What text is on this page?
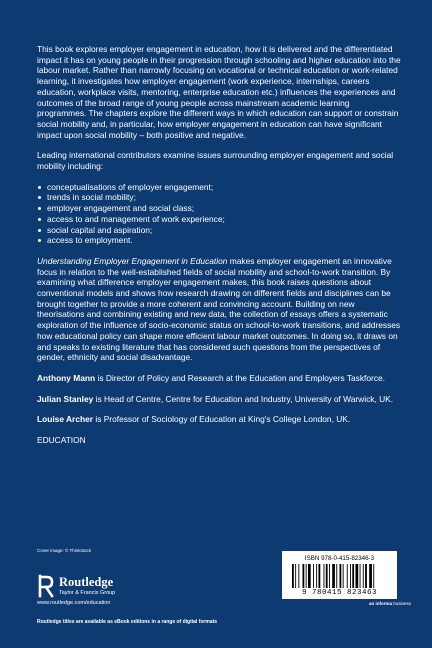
This book explores employer engagement in education, how it is delivered and the differentiated impact it has on young people in their progression through schooling and higher education into the labour market. Rather than narrowly focusing on vocational or technical education or work-related learning, it investigates how employer engagement (work experience, internships, careers education, workplace visits, mentoring, enterprise education etc.) influences the experiences and outcomes of the broad range of young people across mainstream academic learning programmes. The chapters explore the different ways in which education can support or constrain social mobility and, in particular, how employer engagement in education can have significant impact upon social mobility – both positive and negative.

Leading international contributors examine issues surrounding employer engagement and social mobility including:

conceptualisations of employer engagement;
trends in social mobility;
employer engagement and social class;
access to and management of work experience;
social capital and aspiration;
access to employment.

Understanding Employer Engagement in Education makes employer engagement an innovative focus in relation to the well-established fields of social mobility and school-to-work transition. By examining what difference employer engagement makes, this book raises questions about conventional models and shows how research drawing on different fields and disciplines can be brought together to provide a more coherent and convincing account. Building on new theorisations and combining existing and new data, the collection of essays offers a systematic exploration of the influence of socio-economic status on school-to-work transitions, and addresses how educational policy can shape more efficient labour market outcomes. In doing so, it draws on and speaks to existing literature that has considered such questions from the perspectives of gender, ethnicity and social disadvantage.

Anthony Mann is Director of Policy and Research at the Education and Employers Taskforce.

Julian Stanley is Head of Centre, Centre for Education and Industry, University of Warwick, UK.

Louise Archer is Professor of Sociology of Education at King's College London, UK.

EDUCATION

Cover image: © Thinkstock
Routledge
Taylor & Francis Group
www.routledge.com/education
Routledge titles are available as eBook editions in a range of digital formats
ISBN 978-0-415-82346-3
9 780415 823463
an informa business
